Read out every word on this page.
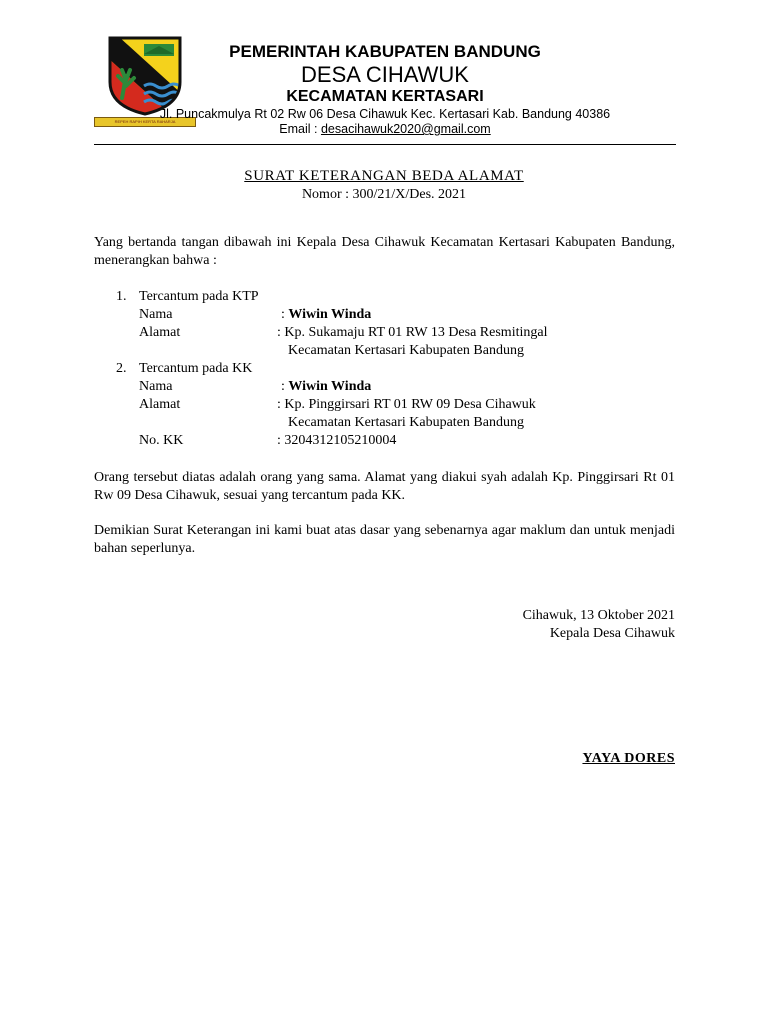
REPEH RAPIH KERTA RAHARJA
PEMERINTAH KABUPATEN BANDUNG
DESA CIHAWUK
KECAMATAN KERTASARI
Jl. Puncakmulya Rt 02 Rw 06 Desa Cihawuk Kec. Kertasari Kab. Bandung 40386
Email : desacihawuk2020@gmail.com
SURAT KETERANGAN BEDA ALAMAT
Nomor : 300/21/X/Des. 2021
Yang bertanda tangan dibawah ini Kepala Desa Cihawuk Kecamatan Kertasari Kabupaten Bandung, menerangkan bahwa :
1. Tercantum pada KTP
Nama	: Wiwin Winda
Alamat	: Kp. Sukamaju RT 01 RW 13 Desa Resmitingal
Kecamatan Kertasari Kabupaten Bandung
2. Tercantum pada KK
Nama	: Wiwin Winda
Alamat	: Kp. Pinggirsari RT 01 RW 09 Desa Cihawuk
Kecamatan Kertasari Kabupaten Bandung
No. KK	: 3204312105210004
Orang tersebut diatas adalah orang yang sama. Alamat yang diakui syah adalah Kp. Pinggirsari Rt 01 Rw 09 Desa Cihawuk, sesuai yang tercantum pada KK.
Demikian Surat Keterangan ini kami buat atas dasar yang sebenarnya agar maklum dan untuk menjadi bahan seperlunya.
Cihawuk, 13 Oktober 2021
Kepala Desa Cihawuk
YAYA DORES
